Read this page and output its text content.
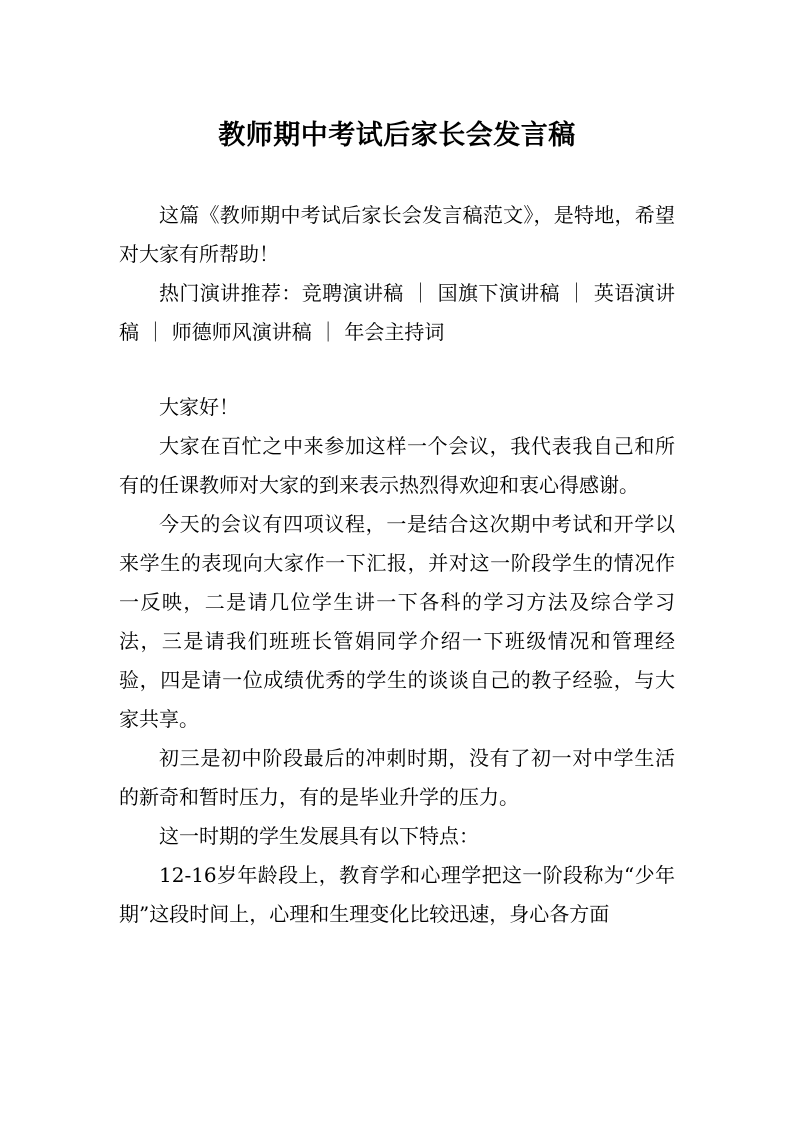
教师期中考试后家长会发言稿

这篇《教师期中考试后家长会发言稿范文》，是特地，希望对大家有所帮助！

热门演讲推荐：竞聘演讲稿 ｜ 国旗下演讲稿 ｜ 英语演讲稿 ｜ 师德师风演讲稿 ｜ 年会主持词

大家好！

大家在百忙之中来参加这样一个会议，我代表我自己和所有的任课教师对大家的到来表示热烈得欢迎和衷心得感谢。

今天的会议有四项议程，一是结合这次期中考试和开学以来学生的表现向大家作一下汇报，并对这一阶段学生的情况作一反映，二是请几位学生讲一下各科的学习方法及综合学习法，三是请我们班班长管娟同学介绍一下班级情况和管理经验，四是请一位成绩优秀的学生的谈谈自己的教子经验，与大家共享。

初三是初中阶段最后的冲刺时期，没有了初一对中学生活的新奇和暂时压力，有的是毕业升学的压力。

这一时期的学生发展具有以下特点：

12-16岁年龄段上，教育学和心理学把这一阶段称为“少年期”这段时间上，心理和生理变化比较迅速，身心各方面
